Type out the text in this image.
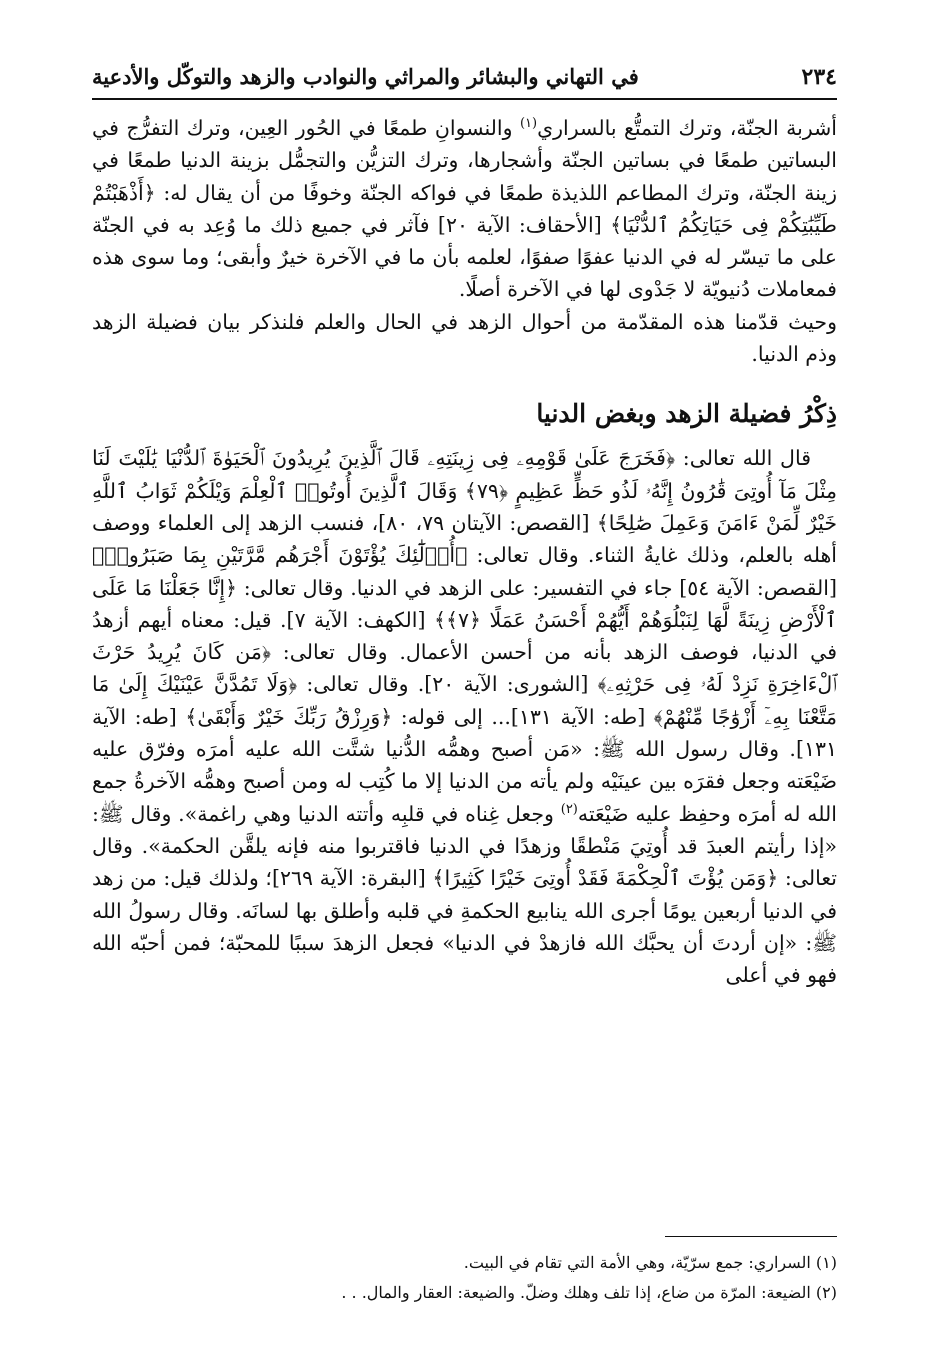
٢٣٤
في التهاني والبشائر والمراثي والنوادب والزهد والتوكّل والأدعية

أشربة الجنّة، وترك التمتُّع بالسراري$^{(١)}$ والنسوانِ طمعًا في الحُور العِين، وترك التفرُّج في البساتين طمعًا في بساتين الجنّة وأشجارها، وترك التزيُّن والتجمُّل بزينة الدنيا طمعًا في زينة الجنّة، وترك المطاعم اللذيذة طمعًا في فواكه الجنّة وخوفًا من أن يقال له: ﴿أَذْهَبْتُمْ طَيِّبَٰتِكُمْ فِى حَيَاتِكُمُ ٱلدُّنْيَا﴾ [الأحقاف: الآية ٢٠] فآثر في جميع ذلك ما وُعِد به في الجنّة على ما تيسّر له في الدنيا عفوًا صفوًا، لعلمه بأن ما في الآخرة خيرٌ وأبقى؛ وما سوى هذه فمعاملات دُنيويّة لا جَدْوى لها في الآخرة أصلًا.

وحيث قدّمنا هذه المقدّمة من أحوال الزهد في الحال والعلم فلنذكر بيان فضيلة الزهد وذم الدنيا.

ذِكْرُ فضيلة الزهد وبغض الدنيا

قال الله تعالى: ﴿فَخَرَجَ عَلَىٰ قَوْمِهِۦ فِى زِينَتِهِۦ قَالَ ٱلَّذِينَ يُرِيدُونَ ٱلْحَيَوٰةَ ٱلدُّنْيَا يَٰلَيْتَ لَنَا مِثْلَ مَآ أُوتِىَ قَٰرُونُ إِنَّهُۥ لَذُو حَظٍّ عَظِيمٍ ﴿٧٩﴾ وَقَالَ ٱلَّذِينَ أُوتُوا۟ ٱلْعِلْمَ وَيْلَكُمْ ثَوَابُ ٱللَّهِ خَيْرٌ لِّمَنْ ءَامَنَ وَعَمِلَ صَٰلِحًا﴾ [القصص: الآيتان ٧٩، ٨٠]، فنسب الزهد إلى العلماء ووصف أهله بالعلم، وذلك غايةُ الثناء. وقال تعالى: ﴿أُو۟لَٰٓئِكَ يُؤْتَوْنَ أَجْرَهُم مَّرَّتَيْنِ بِمَا صَبَرُوا۟﴾ [القصص: الآية ٥٤] جاء في التفسير: على الزهد في الدنيا. وقال تعالى: ﴿إِنَّا جَعَلْنَا مَا عَلَى ٱلْأَرْضِ زِينَةً لَّهَا لِنَبْلُوَهُمْ أَيُّهُمْ أَحْسَنُ عَمَلًا ﴿٧﴾﴾ [الكهف: الآية ٧]. قيل: معناه أيهم أزهدُ في الدنيا، فوصف الزهد بأنه من أحسن الأعمال. وقال تعالى: ﴿مَن كَانَ يُرِيدُ حَرْثَ ٱلْءَاخِرَةِ نَزِدْ لَهُۥ فِى حَرْثِهِۦ﴾ [الشورى: الآية ٢٠]. وقال تعالى: ﴿وَلَا تَمُدَّنَّ عَيْنَيْكَ إِلَىٰ مَا مَتَّعْنَا بِهِۦٓ أَزْوَٰجًا مِّنْهُمْ﴾ [طه: الآية ١٣١]... إلى قوله: ﴿وَرِزْقُ رَبِّكَ خَيْرٌ وَأَبْقَىٰ﴾ [طه: الآية ١٣١]. وقال رسول الله ﷺ: «مَن أصبح وهمُّه الدُّنيا شتَّت الله عليه أمرَه وفرّق عليه ضَيْعَته وجعل فقرَه بين عينَيْه ولم يأته من الدنيا إلا ما كُتِب له ومن أصبح وهمُّه الآخرةُ جمع الله له أمرَه وحفِظ عليه ضَيْعَته$^{(٢)}$ وجعل غِناه في قلبِه وأتته الدنيا وهي راغمة». وقال ﷺ: «إذا رأيتم العبدَ قد أُوتِيَ مَنْطقًا وزهدًا في الدنيا فاقتربوا منه فإنه يلقَّن الحكمة». وقال تعالى: ﴿وَمَن يُؤْتَ ٱلْحِكْمَةَ فَقَدْ أُوتِىَ خَيْرًا كَثِيرًا﴾ [البقرة: الآية ٢٦٩]؛ ولذلك قيل: من زهد في الدنيا أربعين يومًا أجرى الله ينابيع الحكمةِ في قلبه وأطلق بها لسانَه. وقال رسولُ الله ﷺ: «إن أردتَ أن يحبَّك الله فازهدْ في الدنيا» فجعل الزهدَ سببًا للمحبّة؛ فمن أحبّه الله فهو في أعلى

(١) السراري: جمع سرّيّة، وهي الأمة التي تقام في البيت.
(٢) الضيعة: المرّة من ضاع، إذا تلف وهلك وضلّ. والضيعة: العقار والمال. . .
